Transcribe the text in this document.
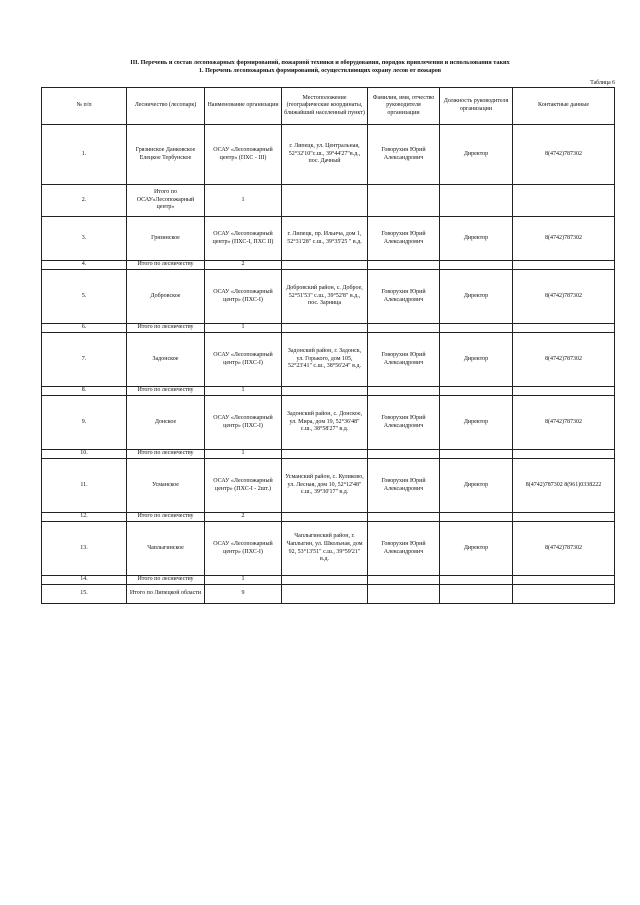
III. Перечень и состав лесопожарных формирований, пожарной техники и оборудования, порядок привлечения и использования таких
1. Перечень лесопожарных формирований, осуществляющих охрану лесов от пожаров
Таблица 6
№ п/п	Лесничество (лесопарк)	Наименование организации	Местоположение (географические координаты, ближайший населенный пункт)	Фамилия, имя, отчество руководителя организации	Должность руководителя организации	Контактные данные
1.	Грязинское Данковское Елецкое Тербунское	ОСАУ «Лесопожарный центр» (ПХС - III)	г. Липецк, ул. Центральная, 52°32'10"с.ш., 39°44'27"в.д., пос. Дачный	Говорухин Юрий Александрович	Директор	8(4742)787302
2.	Итого по ОСАУ«Лесопожарный центр»	1				
3.	Грязинское	ОСАУ «Лесопожарный центр» (ПХС-I, ПХС II)	г. Липецк, пр. Ильича, дом 1, 52°31'28" с.ш., 39°35'25 " в.д.	Говорухин Юрий Александрович	Директор	8(4742)787302
4.	Итого по лесничеству	2				
5.	Добровское	ОСАУ «Лесопожарный центр» (ПХС-I)	Добровский район, с. Доброе, 52°51'53" с.ш., 39°52'8" в.д., пос. Зарница	Говорухин Юрий Александрович	Директор	8(4742)787302
6.	Итого по лесничеству	1				
7.	Задонское	ОСАУ «Лесопожарный центр» (ПХС-I)	Задонский район, г. Задонск, ул. Горького, дом 105, 52°23'41" с.ш., 38°56'24" в.д.	Говорухин Юрий Александрович	Директор	8(4742)787302
8.	Итого по лесничеству	1				
9.	Донское	ОСАУ «Лесопожарный центр» (ПХС-I)	Задонский район, с. Донское, ул. Мира, дом 19, 52°36'48" с.ш., 38°58'27" в.д.	Говорухин Юрий Александрович	Директор	8(4742)787302
10.	Итого по лесничеству	1				
11.	Усманское	ОСАУ «Лесопожарный центр» (ПХС-I - 2шт.)	Усманский район, с. Куликово, ул. Лесная, дом 10, 52°12'48" с.ш., 39°30'17" в.д.	Говорухин Юрий Александрович	Директор	8(4742)787302 8(961)0338222
12.	Итого по лесничеству	2				
13.	Чаплыгинское	ОСАУ «Лесопожарный центр» (ПХС-I)	Чаплыгинский район, г. Чаплыгин, ул. Школьная, дом 92, 53°13'51" с.ш., 39°59'21" в.д.	Говорухин Юрий Александрович	Директор	8(4742)787302
14.	Итого по лесничеству	1				
15.	Итого по Липецкой области	9				
